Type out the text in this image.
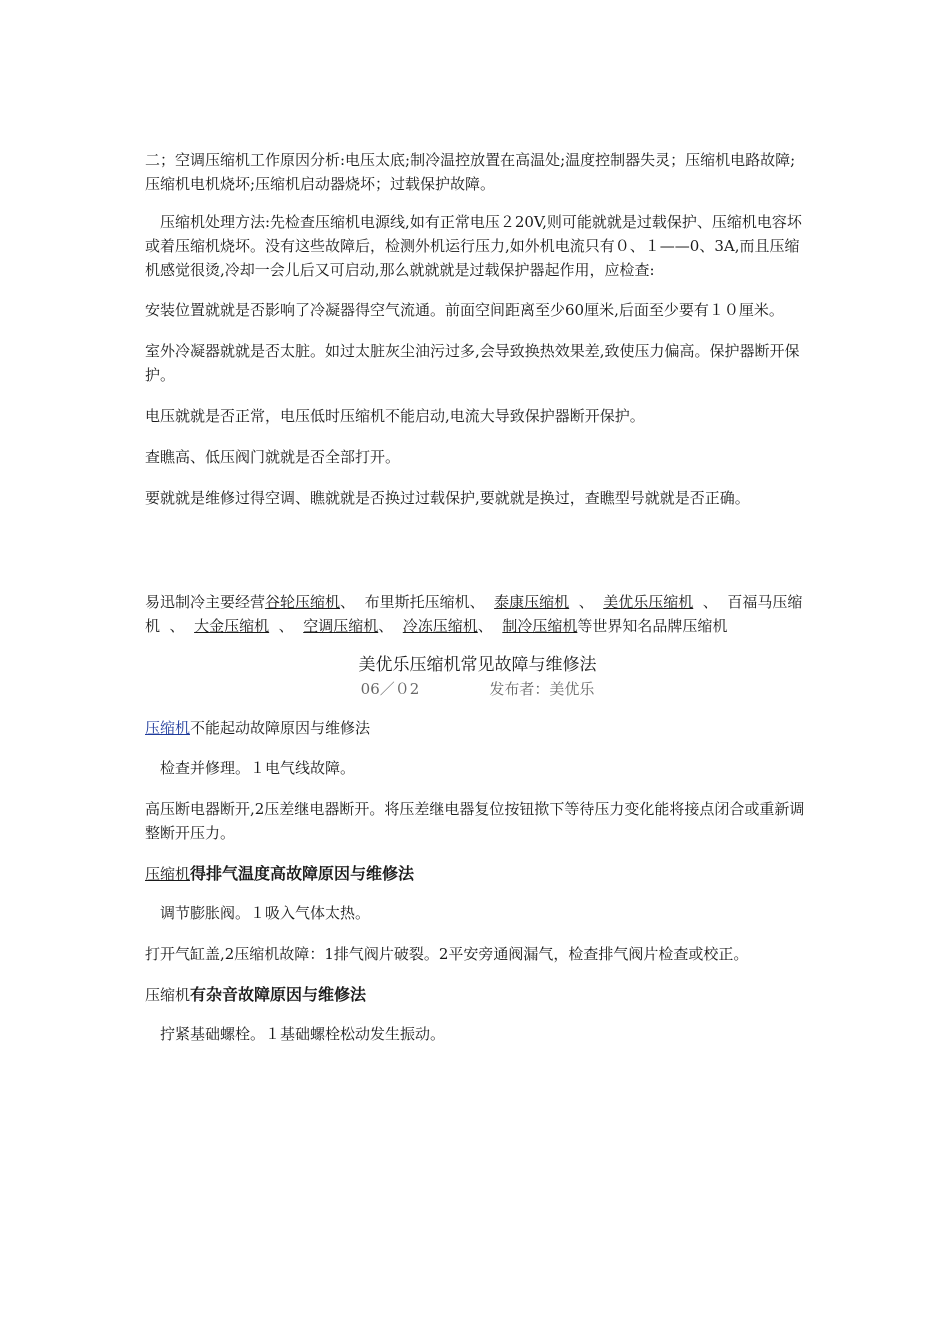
二；空调压缩机工作原因分析:电压太底;制冷温控放置在高温处;温度控制器失灵；压缩机电路故障;压缩机电机烧坏;压缩机启动器烧坏；过载保护故障。

压缩机处理方法:先检查压缩机电源线,如有正常电压２20V,则可能就就是过载保护、压缩机电容坏或着压缩机烧坏。没有这些故障后，检测外机运行压力,如外机电流只有０、１——0、3A,而且压缩机感觉很烫,冷却一会儿后又可启动,那么就就就是过载保护器起作用，应检查:

安装位置就就是否影响了冷凝器得空气流通。前面空间距离至少60厘米,后面至少要有１０厘米。

室外冷凝器就就是否太脏。如过太脏灰尘油污过多,会导致换热效果差,致使压力偏高。保护器断开保护。

电压就就是否正常，电压低时压缩机不能启动,电流大导致保护器断开保护。

查瞧高、低压阀门就就是否全部打开。

要就就是维修过得空调、瞧就就是否换过过载保护,要就就是换过，查瞧型号就就是否正确。

易迅制冷主要经营谷轮压缩机、  布里斯托压缩机、  泰康压缩机  、  美优乐压缩机  、  百福马压缩机  、  大金压缩机  、  空调压缩机、  冷冻压缩机、  制冷压缩机等世界知名品牌压缩机

美优乐压缩机常见故障与维修法

06／０2	发布者：美优乐

压缩机不能起动故障原因与维修法

检查并修理。１电气线故障。

高压断电器断开,2压差继电器断开。将压差继电器复位按钮揿下等待压力变化能将接点闭合或重新调整断开压力。

压缩机得排气温度高故障原因与维修法

调节膨胀阀。１吸入气体太热。

打开气缸盖,2压缩机故障：1排气阀片破裂。2平安旁通阀漏气，检查排气阀片检查或校正。

压缩机有杂音故障原因与维修法

拧紧基础螺栓。１基础螺栓松动发生振动。
